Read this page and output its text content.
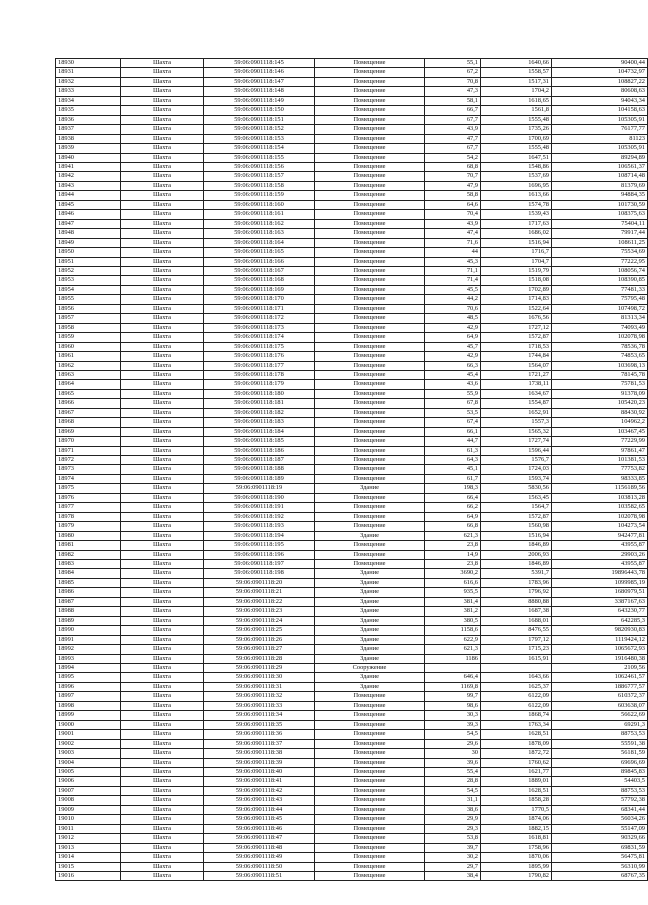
18930	Шахта	59:06:0901118:145	Помещение	55,1	1640,66	90400,44
18931	Шахта	59:06:0901118:146	Помещение	67,2	1558,57	104732,97
18932	Шахта	59:06:0901118:147	Помещение	70,8	1517,31	108827,22
18933	Шахта	59:06:0901118:148	Помещение	47,3	1704,2	80608,63
18934	Шахта	59:06:0901118:149	Помещение	58,1	1618,65	94043,34
18935	Шахта	59:06:0901118:150	Помещение	66,7	1561,8	104158,63
18936	Шахта	59:06:0901118:151	Помещение	67,7	1555,48	105305,91
18937	Шахта	59:06:0901118:152	Помещение	43,9	1735,26	76177,77
18938	Шахта	59:06:0901118:153	Помещение	47,7	1700,69	81123
18939	Шахта	59:06:0901118:154	Помещение	67,7	1555,48	105305,91
18940	Шахта	59:06:0901118:155	Помещение	54,2	1647,51	89294,89
18941	Шахта	59:06:0901118:156	Помещение	68,8	1548,86	106561,37
18942	Шахта	59:06:0901118:157	Помещение	70,7	1537,69	108714,48
18943	Шахта	59:06:0901118:158	Помещение	47,9	1696,95	81379,69
18944	Шахта	59:06:0901118:159	Помещение	58,8	1613,66	94884,35
18945	Шахта	59:06:0901118:160	Помещение	64,6	1574,78	101730,59
18946	Шахта	59:06:0901118:161	Помещение	70,4	1539,43	108375,63
18947	Шахта	59:06:0901118:162	Помещение	43,9	1717,63	75404,11
18948	Шахта	59:06:0901118:163	Помещение	47,4	1686,02	79917,44
18949	Шахта	59:06:0901118:164	Помещение	71,6	1516,94	108611,25
18950	Шахта	59:06:0901118:165	Помещение	44	1716,7	75534,69
18951	Шахта	59:06:0901118:166	Помещение	45,3	1704,7	77222,95
18952	Шахта	59:06:0901118:167	Помещение	71,1	1519,79	108056,74
18953	Шахта	59:06:0901118:168	Помещение	71,4	1518,08	108390,85
18954	Шахта	59:06:0901118:169	Помещение	45,5	1702,89	77481,33
18955	Шахта	59:06:0901118:170	Помещение	44,2	1714,83	75795,48
18956	Шахта	59:06:0901118:171	Помещение	70,6	1522,64	107498,72
18957	Шахта	59:06:0901118:172	Помещение	48,5	1676,56	81313,34
18958	Шахта	59:06:0901118:173	Помещение	42,9	1727,12	74093,49
18959	Шахта	59:06:0901118:174	Помещение	64,9	1572,87	102078,98
18960	Шахта	59:06:0901118:175	Помещение	45,7	1718,53	78536,78
18961	Шахта	59:06:0901118:176	Помещение	42,9	1744,84	74853,65
18962	Шахта	59:06:0901118:177	Помещение	66,3	1564,07	103698,13
18963	Шахта	59:06:0901118:178	Помещение	45,4	1721,27	78145,78
18964	Шахта	59:06:0901118:179	Помещение	43,6	1738,11	75781,53
18965	Шахта	59:06:0901118:180	Помещение	55,9	1634,67	91378,09
18966	Шахта	59:06:0901118:181	Помещение	67,8	1554,87	105420,23
18967	Шахта	59:06:0901118:182	Помещение	53,5	1652,91	88430,92
18968	Шахта	59:06:0901118:183	Помещение	67,4	1557,3	104962,2
18969	Шахта	59:06:0901118:184	Помещение	66,1	1565,32	103467,45
18970	Шахта	59:06:0901118:185	Помещение	44,7	1727,74	77229,99
18971	Шахта	59:06:0901118:186	Помещение	61,3	1596,44	97861,47
18972	Шахта	59:06:0901118:187	Помещение	64,3	1576,7	101381,53
18973	Шахта	59:06:0901118:188	Помещение	45,1	1724,03	77753,82
18974	Шахта	59:06:0901118:189	Помещение	61,7	1593,74	98333,85
18975	Шахта	59:06:0901118:19	Здание	198,3	5830,56	1156189,56
18976	Шахта	59:06:0901118:190	Помещение	66,4	1563,45	103813,28
18977	Шахта	59:06:0901118:191	Помещение	66,2	1564,7	103582,65
18978	Шахта	59:06:0901118:192	Помещение	64,9	1572,87	102078,98
18979	Шахта	59:06:0901118:193	Помещение	66,8	1560,98	104273,54
18980	Шахта	59:06:0901118:194	Здание	621,3	1516,94	942477,81
18981	Шахта	59:06:0901118:195	Помещение	23,8	1846,89	43955,87
18982	Шахта	59:06:0901118:196	Помещение	14,9	2006,93	29903,26
18983	Шахта	59:06:0901118:197	Помещение	23,8	1846,89	43955,87
18984	Шахта	59:06:0901118:198	Здание	3690,2	5391,7	19896443,78
18985	Шахта	59:06:0901118:20	Здание	616,6	1783,96	1099985,19
18986	Шахта	59:06:0901118:21	Здание	935,5	1796,92	1680979,51
18987	Шахта	59:06:0901118:22	Здание	381,4	8880,88	3387167,63
18988	Шахта	59:06:0901118:23	Здание	381,2	1687,38	643230,77
18989	Шахта	59:06:0901118:24	Здание	380,5	1688,01	642285,3
18990	Шахта	59:06:0901118:25	Здание	1158,6	8476,55	9820930,83
18991	Шахта	59:06:0901118:26	Здание	622,9	1797,12	1119424,12
18992	Шахта	59:06:0901118:27	Здание	621,3	1715,23	1065672,93
18993	Шахта	59:06:0901118:28	Здание	1186	1615,91	1916480,38
18994	Шахта	59:06:0901118:29	Сооружение			2109,56
18995	Шахта	59:06:0901118:30	Здание	646,4	1643,66	1062461,57
18996	Шахта	59:06:0901118:31	Здание	1169,8	1625,37	1886777,57
18997	Шахта	59:06:0901118:32	Помещение	99,7	6122,09	610372,37
18998	Шахта	59:06:0901118:33	Помещение	98,6	6122,09	603638,07
18999	Шахта	59:06:0901118:34	Помещение	30,3	1868,74	56622,69
19000	Шахта	59:06:0901118:35	Помещение	39,3	1763,34	69291,3
19001	Шахта	59:06:0901118:36	Помещение	54,5	1628,51	88753,53
19002	Шахта	59:06:0901118:37	Помещение	29,6	1878,09	55591,38
19003	Шахта	59:06:0901118:38	Помещение	30	1872,72	56181,59
19004	Шахта	59:06:0901118:39	Помещение	39,6	1760,62	69696,69
19005	Шахта	59:06:0901118:40	Помещение	55,4	1621,77	89845,83
19006	Шахта	59:06:0901118:41	Помещение	28,8	1889,01	54403,5
19007	Шахта	59:06:0901118:42	Помещение	54,5	1628,51	88753,53
19008	Шахта	59:06:0901118:43	Помещение	31,1	1858,28	57792,38
19009	Шахта	59:06:0901118:44	Помещение	38,6	1770,5	68341,44
19010	Шахта	59:06:0901118:45	Помещение	29,9	1874,06	56034,26
19011	Шахта	59:06:0901118:46	Помещение	29,3	1882,15	55147,09
19012	Шахта	59:06:0901118:47	Помещение	53,8	1618,81	90329,66
19013	Шахта	59:06:0901118:48	Помещение	39,7	1758,96	69831,59
19014	Шахта	59:06:0901118:49	Помещение	30,2	1870,06	56475,81
19015	Шахта	59:06:0901118:50	Помещение	29,7	1895,99	56310,99
19016	Шахта	59:06:0901118:51	Помещение	38,4	1790,82	68767,35
